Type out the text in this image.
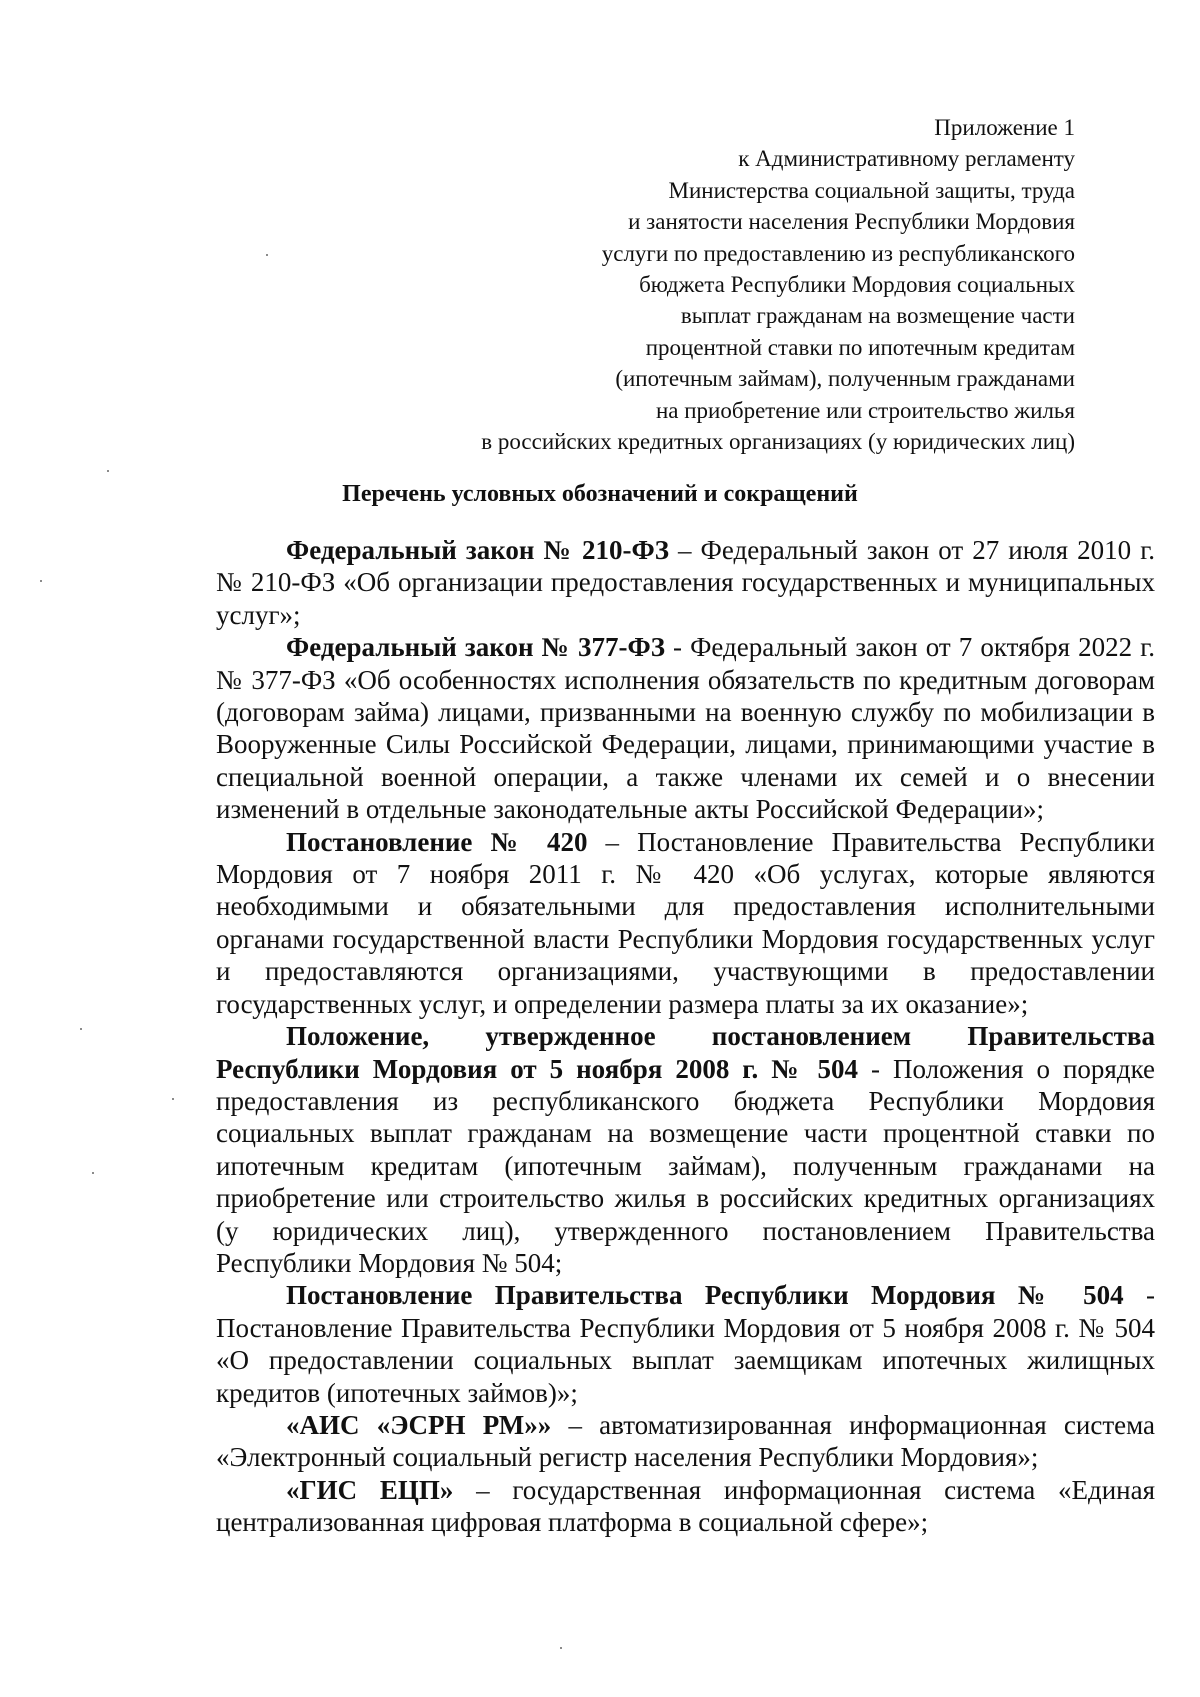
Приложение 1
к Административному регламенту
Министерства социальной защиты, труда
и занятости населения Республики Мордовия
услуги по предоставлению из республиканского
бюджета Республики Мордовия социальных
выплат гражданам на возмещение части
процентной ставки по ипотечным кредитам
(ипотечным займам), полученным гражданами
на приобретение или строительство жилья
в российских кредитных организациях (у юридических лиц)
Перечень условных обозначений и сокращений

Федеральный закон № 210-ФЗ – Федеральный закон от 27 июля 2010 г. № 210-ФЗ «Об организации предоставления государственных и муниципальных услуг»;

Федеральный закон № 377-ФЗ - Федеральный закон от 7 октября 2022 г. № 377-ФЗ «Об особенностях исполнения обязательств по кредитным договорам (договорам займа) лицами, призванными на военную службу по мобилизации в Вооруженные Силы Российской Федерации, лицами, принимающими участие в специальной военной операции, а также членами их семей и о внесении изменений в отдельные законодательные акты Российской Федерации»;

Постановление № 420 – Постановление Правительства Республики Мордовия от 7 ноября 2011 г. № 420 «Об услугах, которые являются необходимыми и обязательными для предоставления исполнительными органами государственной власти Республики Мордовия государственных услуг и предоставляются организациями, участвующими в предоставлении государственных услуг, и определении размера платы за их оказание»;

Положение, утвержденное постановлением Правительства Республики Мордовия от 5 ноября 2008 г. № 504 - Положения о порядке предоставления из республиканского бюджета Республики Мордовия социальных выплат гражданам на возмещение части процентной ставки по ипотечным кредитам (ипотечным займам), полученным гражданами на приобретение или строительство жилья в российских кредитных организациях (у юридических лиц), утвержденного постановлением Правительства Республики Мордовия № 504;

Постановление Правительства Республики Мордовия № 504 - Постановление Правительства Республики Мордовия от 5 ноября 2008 г. № 504 «О предоставлении социальных выплат заемщикам ипотечных жилищных кредитов (ипотечных займов)»;

«АИС «ЭСРН РМ»» – автоматизированная информационная система «Электронный социальный регистр населения Республики Мордовия»;

«ГИС ЕЦП» – государственная информационная система «Единая централизованная цифровая платформа в социальной сфере»;
